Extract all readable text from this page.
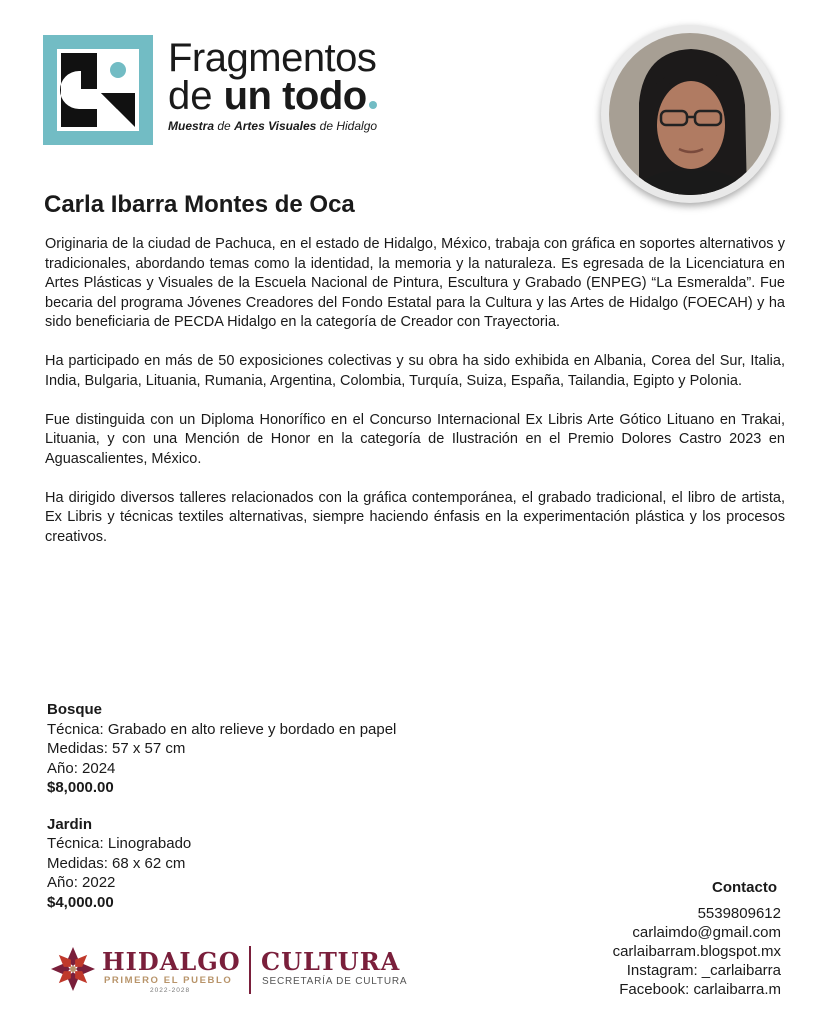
Fragmentos
de un todo
Muestra de Artes Visuales de Hidalgo
Carla Ibarra Montes de Oca

Originaria de la ciudad de Pachuca, en el estado de Hidalgo, México, trabaja con gráfica en soportes alternativos y tradicionales, abordando temas como la identidad, la memoria y la naturaleza. Es egresada de la Licenciatura en Artes Plásticas y Visuales de la Escuela Nacional de Pintura, Escultura y Grabado (ENPEG) “La Esmeralda”. Fue becaria del programa Jóvenes Creadores del Fondo Estatal para la Cultura y las Artes de Hidalgo (FOECAH) y ha sido beneficiaria de PECDA Hidalgo en la categoría de Creador con Trayectoria.

Ha participado en más de 50 exposiciones colectivas y su obra ha sido exhibida en Albania, Corea del Sur, Italia, India, Bulgaria, Lituania, Rumania, Argentina, Colombia, Turquía, Suiza, España, Tailandia, Egipto y Polonia.

Fue distinguida con un Diploma Honorífico en el Concurso Internacional Ex Libris Arte Gótico Lituano en Trakai, Lituania, y con una Mención de Honor en la categoría de Ilustración en el Premio Dolores Castro 2023 en Aguascalientes, México.

Ha dirigido diversos talleres relacionados con la gráfica contemporánea, el grabado tradicional, el libro de artista, Ex Libris y técnicas textiles alternativas, siempre haciendo énfasis en la experimentación plástica y los procesos creativos.

Bosque
Técnica: Grabado en alto relieve y bordado en papel
Medidas: 57 x 57 cm
Año: 2024
$8,000.00
Jardin
Técnica: Linograbado
Medidas: 68 x 62 cm
Año: 2022
$4,000.00
Contacto
5539809612
carlaimdo@gmail.com
carlaibarram.blogspot.mx
Instagram: _carlaibarra
Facebook: carlaibarra.m
HIDALGO
PRIMERO EL PUEBLO
2022-2028
CULTURA
SECRETARÍA DE CULTURA
